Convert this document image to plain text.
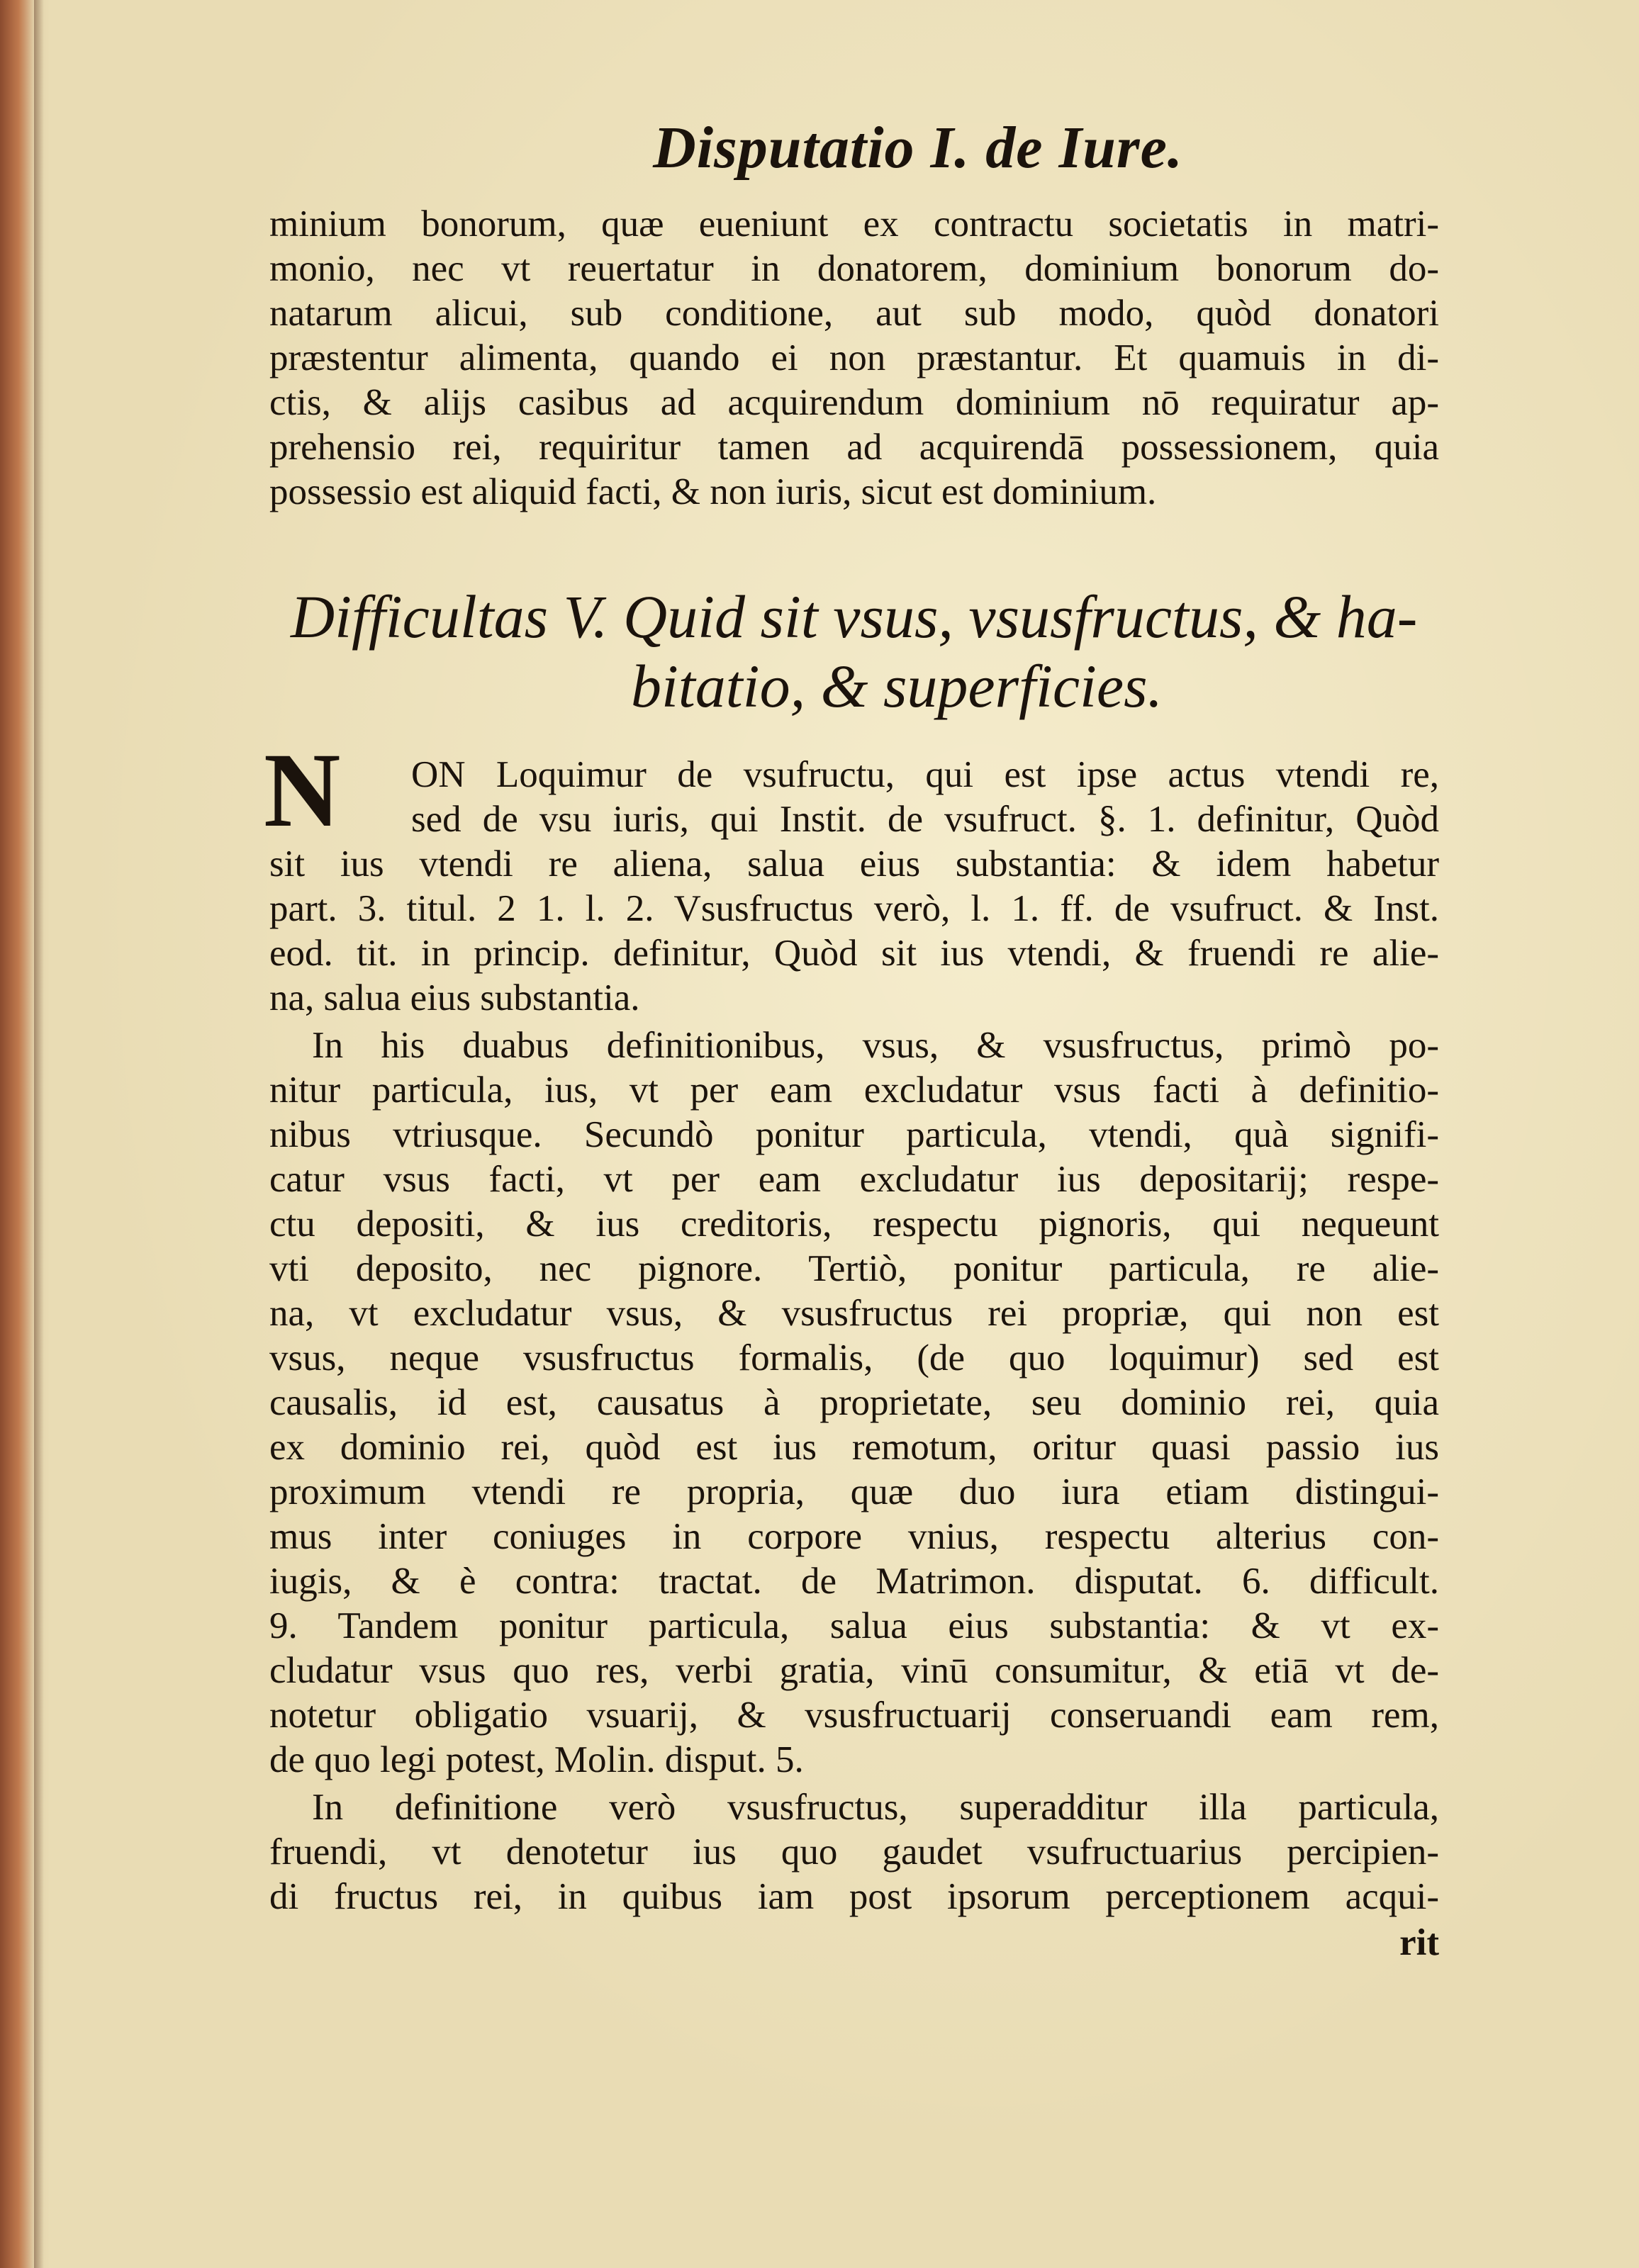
Disputatio I. de Iure.

minium bonorum, quæ eueniunt ex contractu societatis in matri-
monio, nec vt reuertatur in donatorem, dominium bonorum do-
natarum alicui, sub conditione, aut sub modo, quòd donatori
præstentur alimenta, quando ei non præstantur. Et quamuis in di-
ctis, & alijs casibus ad acquirendum dominium nō requiratur ap-
prehensio rei, requiritur tamen ad acquirendā possessionem, quia
possessio est aliquid facti, & non iuris, sicut est dominium.

Difficultas V. Quid sit vsus, vsusfructus, & ha-
bitatio, & superficies.
N	ON Loquimur de vsufructu, qui est ipse actus vtendi re,
sed de vsu iuris, qui Instit. de vsufruct. §. 1. definitur, Quòd
sit ius vtendi re aliena, salua eius substantia: & idem habetur
part. 3. titul. 2 1. l. 2. Vsusfructus verò, l. 1. ff. de vsufruct. & Inst.
eod. tit. in princip. definitur, Quòd sit ius vtendi, & fruendi re alie-
na, salua eius substantia.

In his duabus definitionibus, vsus, & vsusfructus, primò po-
nitur particula, ius, vt per eam excludatur vsus facti à definitio-
nibus vtriusque. Secundò ponitur particula, vtendi, quà signifi-
catur vsus facti, vt per eam excludatur ius depositarij; respe-
ctu depositi, & ius creditoris, respectu pignoris, qui nequeunt
vti deposito, nec pignore. Tertiò, ponitur particula, re alie-
na, vt excludatur vsus, & vsusfructus rei propriæ, qui non est
vsus, neque vsusfructus formalis, (de quo loquimur) sed est
causalis, id est, causatus à proprietate, seu dominio rei, quia
ex dominio rei, quòd est ius remotum, oritur quasi passio ius
proximum vtendi re propria, quæ duo iura etiam distingui-
mus inter coniuges in corpore vnius, respectu alterius con-
iugis, & è contra: tractat. de Matrimon. disputat. 6. difficult.
9. Tandem ponitur particula, salua eius substantia: & vt ex-
cludatur vsus quo res, verbi gratia, vinū consumitur, & etiā vt de-
notetur obligatio vsuarij, & vsusfructuarij conseruandi eam rem,
de quo legi potest, Molin. disput. 5.

In definitione verò vsusfructus, superadditur illa particula,
fruendi, vt denotetur ius quo gaudet vsufructuarius percipien-
di fructus rei, in quibus iam post ipsorum perceptionem acqui-

rit
